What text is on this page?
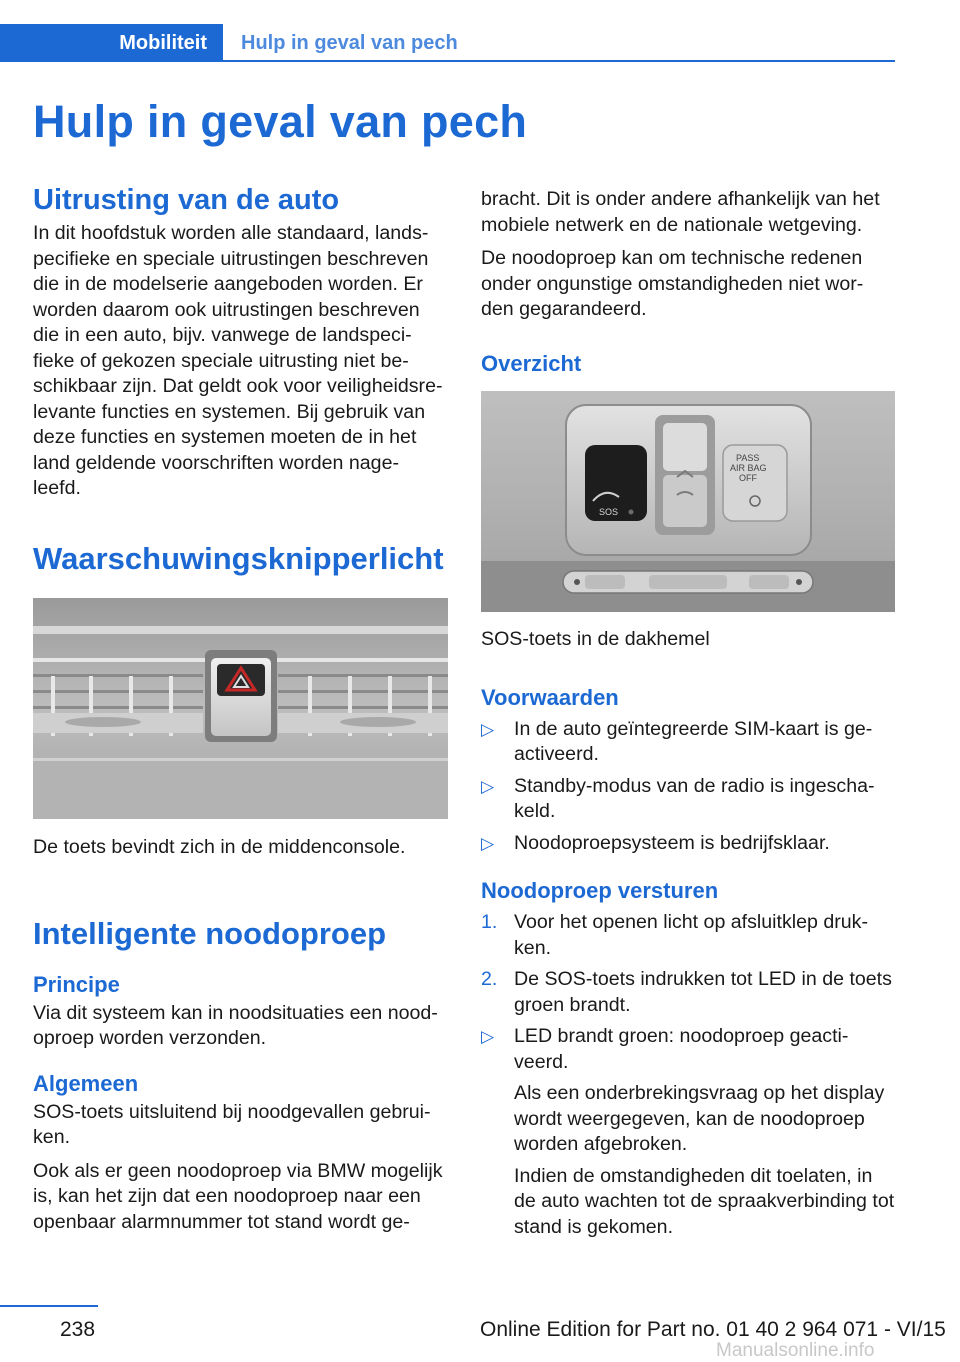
Mobiliteit	Hulp in geval van pech
Hulp in geval van pech
Uitrusting van de auto

In dit hoofdstuk worden alle standaard, lands- pecifieke en speciale uitrustingen beschreven die in de modelserie aangeboden worden. Er worden daarom ook uitrustingen beschreven die in een auto, bijv. vanwege de landspeci- fieke of gekozen speciale uitrusting niet be- schikbaar zijn. Dat geldt ook voor veiligheidsre- levante functies en systemen. Bij gebruik van deze functies en systemen moeten de in het land geldende voorschriften worden nage- leefd.

Waarschuwingsknipperlicht
De toets bevindt zich in de middenconsole.
Intelligente noodoproep
Principe

Via dit systeem kan in noodsituaties een nood- oproep worden verzonden.

Algemeen

SOS-toets uitsluitend bij noodgevallen gebrui- ken.

Ook als er geen noodoproep via BMW mogelijk is, kan het zijn dat een noodoproep naar een openbaar alarmnummer tot stand wordt ge-

bracht. Dit is onder andere afhankelijk van het mobiele netwerk en de nationale wetgeving.

De noodoproep kan om technische redenen onder ongunstige omstandigheden niet wor- den gegarandeerd.

Overzicht
SOS
PASS
AIR BAG
OFF
SOS-toets in de dakhemel
Voorwaarden
▷ In de auto geïntegreerde SIM-kaart is ge- activeerd.
▷ Standby-modus van de radio is ingescha- keld.
▷ Noodoproepsysteem is bedrijfsklaar.
Noodoproep versturen
1. Voor het openen licht op afsluitklep druk- ken.
2. De SOS-toets indrukken tot LED in de toets groen brandt.
▷ LED brandt groen: noodoproep geacti- veerd.

Als een onderbrekingsvraag op het display wordt weergegeven, kan de noodoproep worden afgebroken.

Indien de omstandigheden dit toelaten, in de auto wachten tot de spraakverbinding tot stand is gekomen.

238	Online Edition for Part no. 01 40 2 964 071 - VI/15
Manualsonline.info
